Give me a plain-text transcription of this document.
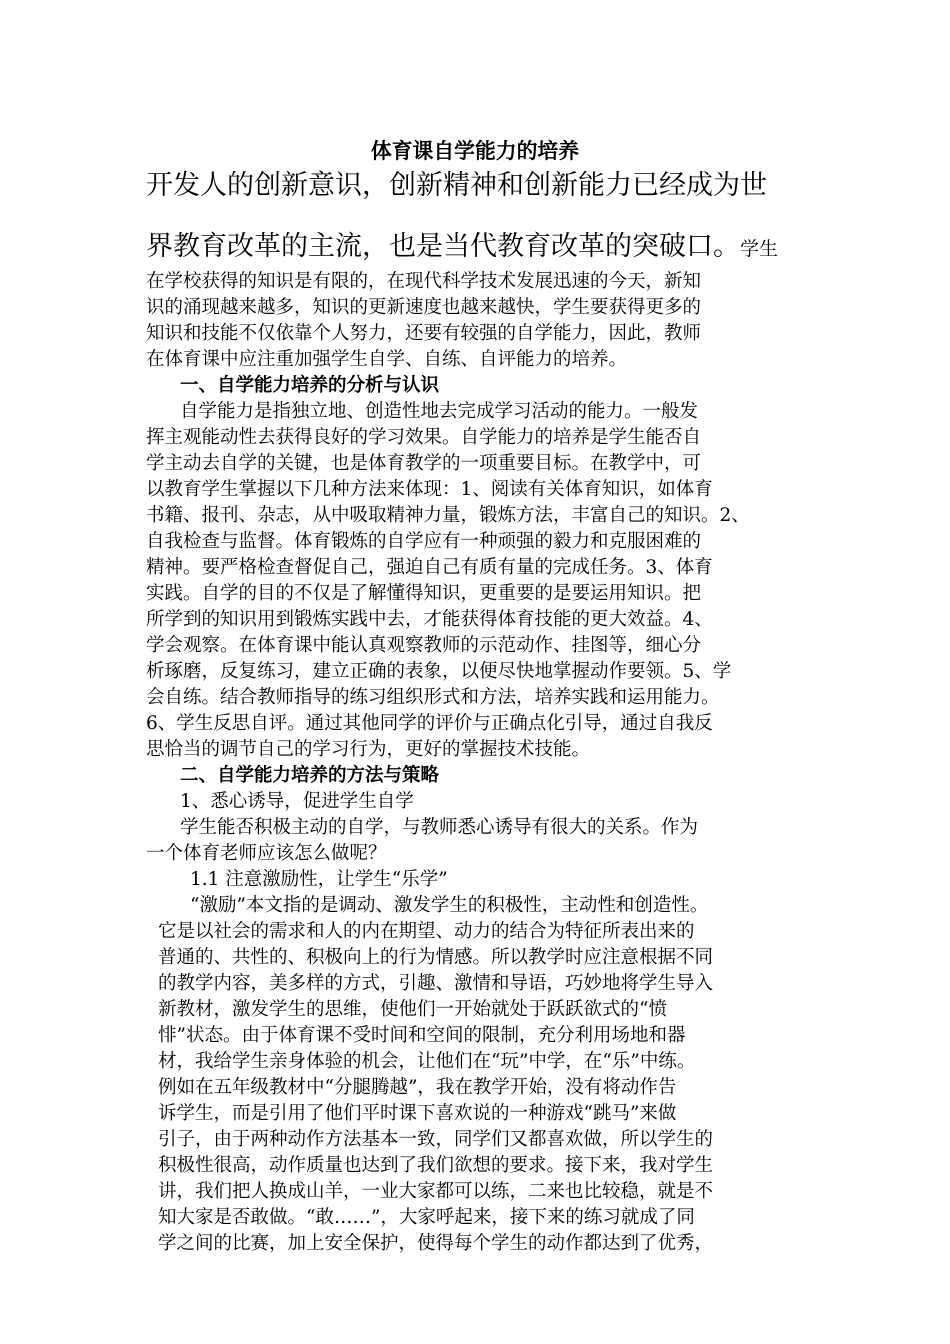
体育课自学能力的培养
开发人的创新意识，创新精神和创新能力已经成为世
界教育改革的主流，也是当代教育改革的突破口。学生
在学校获得的知识是有限的，在现代科学技术发展迅速的今天，新知
识的涌现越来越多，知识的更新速度也越来越快，学生要获得更多的
知识和技能不仅依靠个人努力，还要有较强的自学能力，因此，教师
在体育课中应注重加强学生自学、自练、自评能力的培养。
一、自学能力培养的分析与认识
自学能力是指独立地、创造性地去完成学习活动的能力。一般发
挥主观能动性去获得良好的学习效果。自学能力的培养是学生能否自
学主动去自学的关键，也是体育教学的一项重要目标。在教学中，可
以教育学生掌握以下几种方法来体现：1、阅读有关体育知识，如体育
书籍、报刊、杂志，从中吸取精神力量，锻炼方法，丰富自己的知识。2、
自我检查与监督。体育锻炼的自学应有一种顽强的毅力和克服困难的
精神。要严格检查督促自己，强迫自己有质有量的完成任务。3、体育
实践。自学的目的不仅是了解懂得知识，更重要的是要运用知识。把
所学到的知识用到锻炼实践中去，才能获得体育技能的更大效益。4、
学会观察。在体育课中能认真观察教师的示范动作、挂图等，细心分
析琢磨，反复练习，建立正确的表象，以便尽快地掌握动作要领。5、学
会自练。结合教师指导的练习组织形式和方法，培养实践和运用能力。
6、学生反思自评。通过其他同学的评价与正确点化引导，通过自我反
思恰当的调节自己的学习行为，更好的掌握技术技能。
二、自学能力培养的方法与策略
1、悉心诱导，促进学生自学
学生能否积极主动的自学，与教师悉心诱导有很大的关系。作为
一个体育老师应该怎么做呢？
1.1 注意激励性，让学生“乐学”
“激励”本文指的是调动、激发学生的积极性，主动性和创造性。
它是以社会的需求和人的内在期望、动力的结合为特征所表出来的
普通的、共性的、积极向上的行为情感。所以教学时应注意根据不同
的教学内容，美多样的方式，引趣、激情和导语，巧妙地将学生导入
新教材，激发学生的思维，使他们一开始就处于跃跃欲式的“愤
悱”状态。由于体育课不受时间和空间的限制，充分利用场地和器
材，我给学生亲身体验的机会，让他们在“玩”中学，在“乐”中练。
例如在五年级教材中“分腿腾越”，我在教学开始，没有将动作告
诉学生，而是引用了他们平时课下喜欢说的一种游戏“跳马”来做
引子，由于两种动作方法基本一致，同学们又都喜欢做，所以学生的
积极性很高，动作质量也达到了我们欲想的要求。接下来，我对学生
讲，我们把人换成山羊，一业大家都可以练，二来也比较稳，就是不
知大家是否敢做。“敢……”，大家呼起来，接下来的练习就成了同
学之间的比赛，加上安全保护，使得每个学生的动作都达到了优秀，
